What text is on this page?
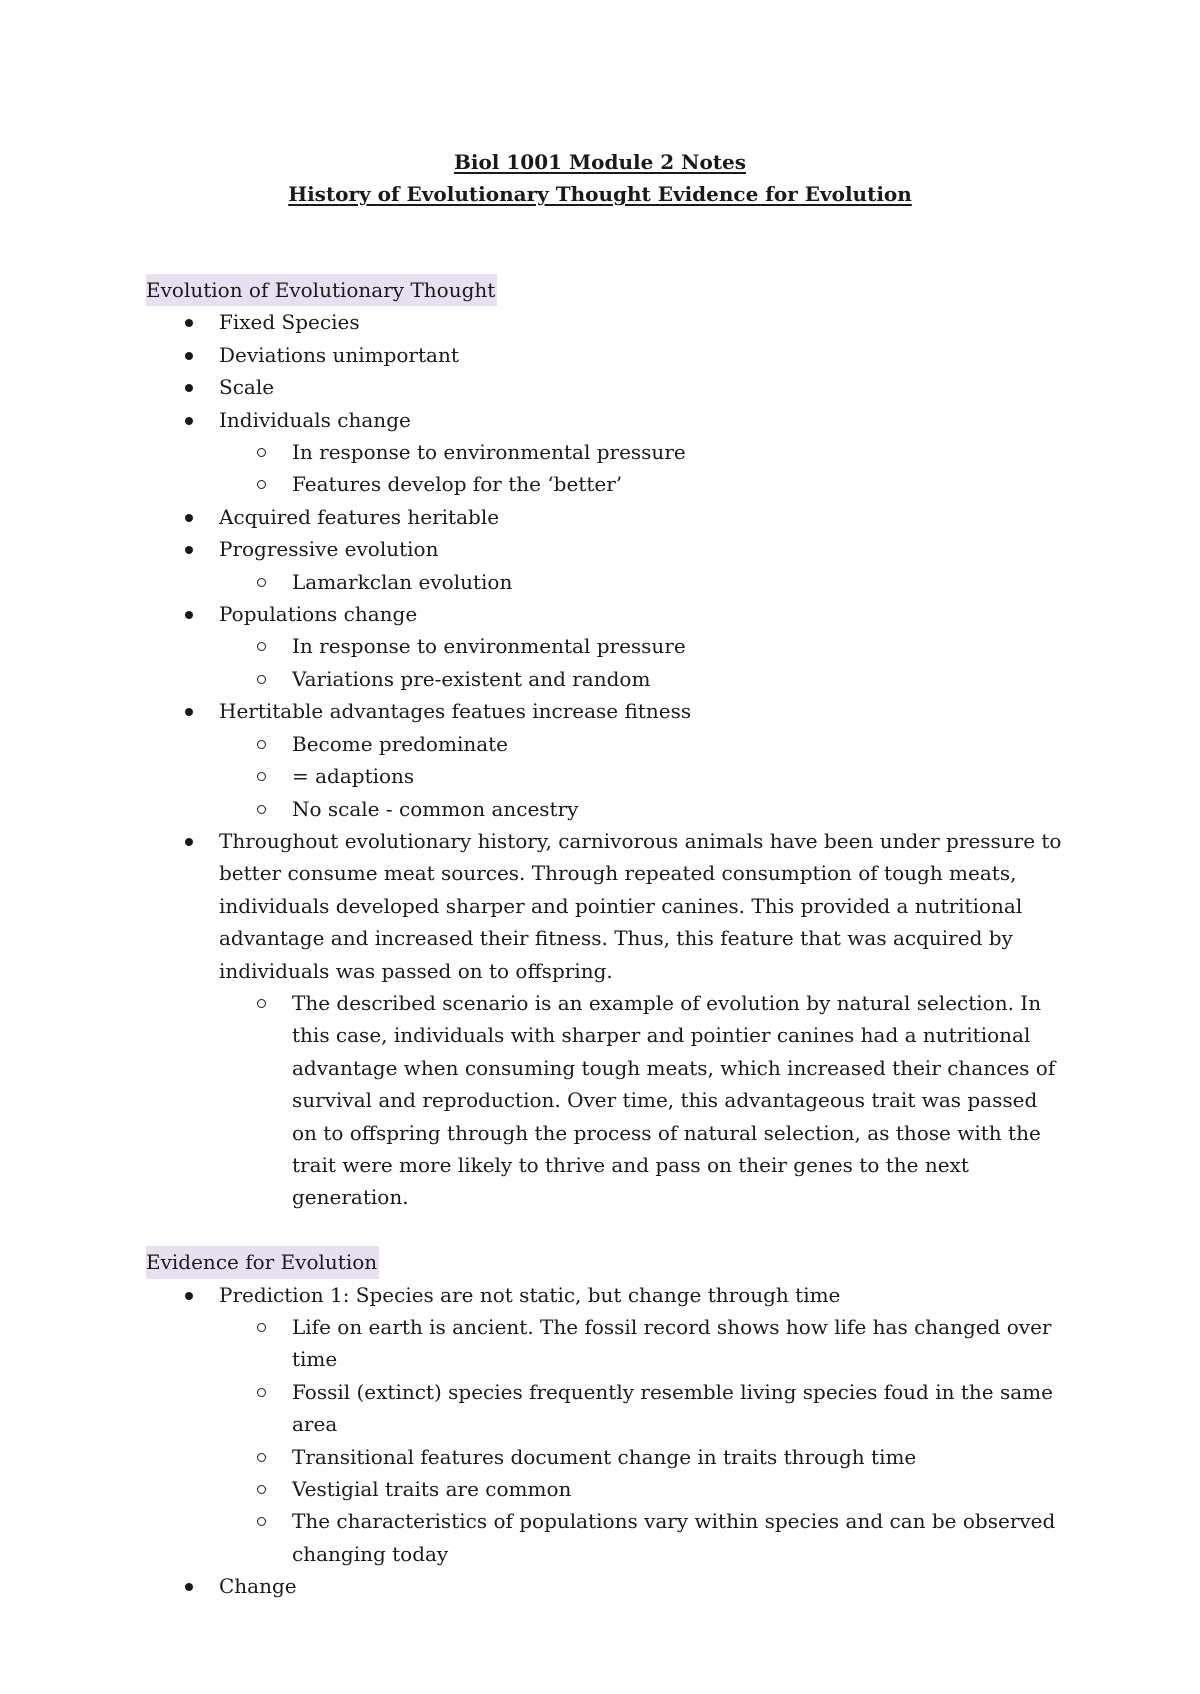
Biol 1001 Module 2 Notes
History of Evolutionary Thought Evidence for Evolution
Evolution of Evolutionary Thought
Fixed Species
Deviations unimportant
Scale
Individuals change
In response to environmental pressure
Features develop for the ‘better’
Acquired features heritable
Progressive evolution
Lamarkclan evolution
Populations change
In response to environmental pressure
Variations pre-existent and random
Hertitable advantages featues increase fitness
Become predominate
= adaptions
No scale - common ancestry
Throughout evolutionary history, carnivorous animals have been under pressure to better consume meat sources. Through repeated consumption of tough meats, individuals developed sharper and pointier canines. This provided a nutritional advantage and increased their fitness. Thus, this feature that was acquired by individuals was passed on to offspring.
The described scenario is an example of evolution by natural selection. In this case, individuals with sharper and pointier canines had a nutritional advantage when consuming tough meats, which increased their chances of survival and reproduction. Over time, this advantageous trait was passed on to offspring through the process of natural selection, as those with the trait were more likely to thrive and pass on their genes to the next generation.
Evidence for Evolution
Prediction 1: Species are not static, but change through time
Life on earth is ancient. The fossil record shows how life has changed over time
Fossil (extinct) species frequently resemble living species foud in the same area
Transitional features document change in traits through time
Vestigial traits are common
The characteristics of populations vary within species and can be observed changing today
Change
